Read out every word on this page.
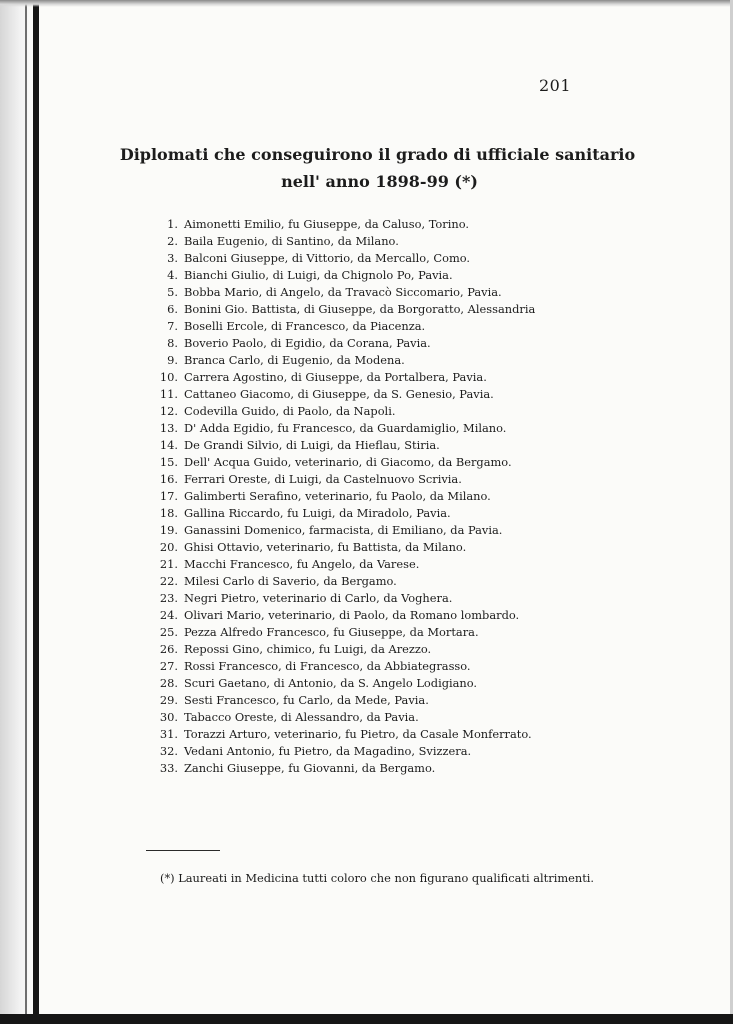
201
Diplomati che conseguirono il grado di ufficiale sanitario
nell' anno 1898-99 (*)
1. Aimonetti Emilio, fu Giuseppe, da Caluso, Torino.
2. Baila Eugenio, di Santino, da Milano.
3. Balconi Giuseppe, di Vittorio, da Mercallo, Como.
4. Bianchi Giulio, di Luigi, da Chignolo Po, Pavia.
5. Bobba Mario, di Angelo, da Travacò Siccomario, Pavia.
6. Bonini Gio. Battista, di Giuseppe, da Borgoratto, Alessandria
7. Boselli Ercole, di Francesco, da Piacenza.
8. Boverio Paolo, di Egidio, da Corana, Pavia.
9. Branca Carlo, di Eugenio, da Modena.
10. Carrera Agostino, di Giuseppe, da Portalbera, Pavia.
11. Cattaneo Giacomo, di Giuseppe, da S. Genesio, Pavia.
12. Codevilla Guido, di Paolo, da Napoli.
13. D' Adda Egidio, fu Francesco, da Guardamiglio, Milano.
14. De Grandi Silvio, di Luigi, da Hieflau, Stiria.
15. Dell' Acqua Guido, veterinario, di Giacomo, da Bergamo.
16. Ferrari Oreste, di Luigi, da Castelnuovo Scrivia.
17. Galimberti Serafino, veterinario, fu Paolo, da Milano.
18. Gallina Riccardo, fu Luigi, da Miradolo, Pavia.
19. Ganassini Domenico, farmacista, di Emiliano, da Pavia.
20. Ghisi Ottavio, veterinario, fu Battista, da Milano.
21. Macchi Francesco, fu Angelo, da Varese.
22. Milesi Carlo di Saverio, da Bergamo.
23. Negri Pietro, veterinario di Carlo, da Voghera.
24. Olivari Mario, veterinario, di Paolo, da Romano lombardo.
25. Pezza Alfredo Francesco, fu Giuseppe, da Mortara.
26. Repossi Gino, chimico, fu Luigi, da Arezzo.
27. Rossi Francesco, di Francesco, da Abbiategrasso.
28. Scuri Gaetano, di Antonio, da S. Angelo Lodigiano.
29. Sesti Francesco, fu Carlo, da Mede, Pavia.
30. Tabacco Oreste, di Alessandro, da Pavia.
31. Torazzi Arturo, veterinario, fu Pietro, da Casale Monferrato.
32. Vedani Antonio, fu Pietro, da Magadino, Svizzera.
33. Zanchi Giuseppe, fu Giovanni, da Bergamo.
(*) Laureati in Medicina tutti coloro che non figurano qualificati altrimenti.
